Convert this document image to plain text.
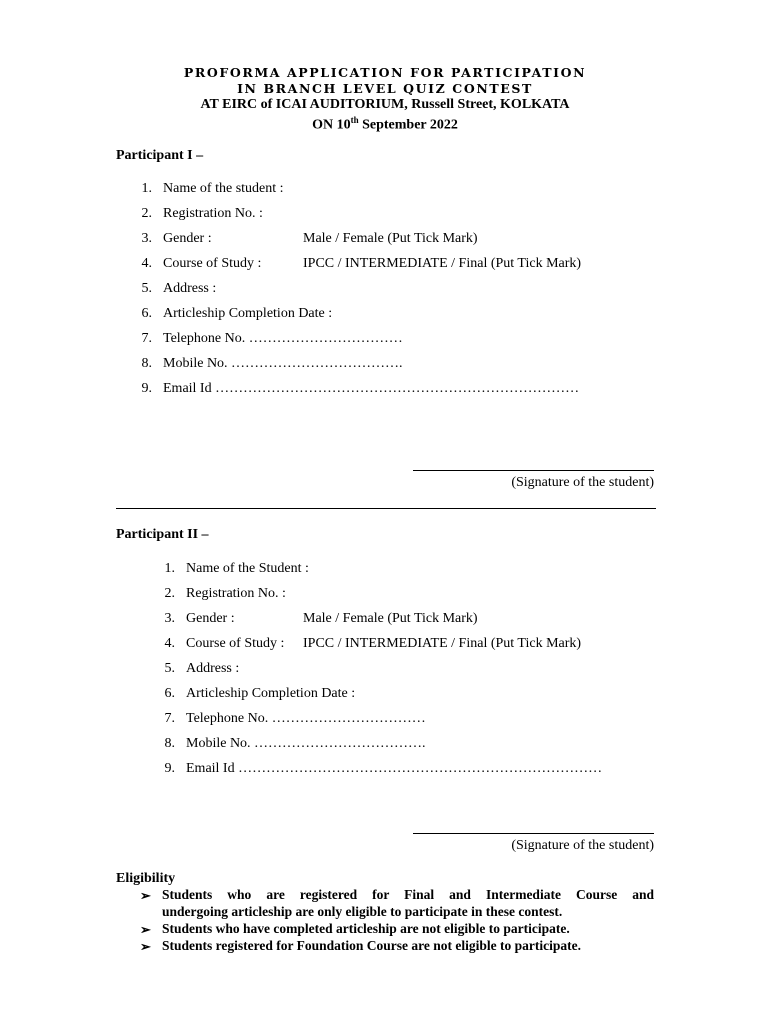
PROFORMA APPLICATION FOR PARTICIPATION
IN BRANCH LEVEL QUIZ CONTEST
AT EIRC of ICAI AUDITORIUM, Russell Street, KOLKATA
ON 10th September 2022
Participant I –
1. Name of the student :
2. Registration No. :
3. Gender :	Male / Female (Put Tick Mark)
4. Course of Study :	IPCC / INTERMEDIATE / Final (Put Tick Mark)
5. Address :
6. Articleship Completion Date :
7. Telephone No. ……………………………
8. Mobile No. ……………………………….
9. Email Id ……………………………………………………………………
(Signature of the student)
Participant II –
1. Name of the Student :
2. Registration No. :
3. Gender :	Male / Female (Put Tick Mark)
4. Course of Study : IPCC / INTERMEDIATE / Final (Put Tick Mark)
5. Address :
6. Articleship Completion Date :
7. Telephone No. ……………………………
8. Mobile No. ……………………………….
9. Email Id ……………………………………………………………………
(Signature of the student)
Eligibility
➢ Students who are registered for Final and Intermediate Course and
undergoing articleship are only eligible to participate in these contest.
➢ Students who have completed articleship are not eligible to participate.
➢ Students registered for Foundation Course are not eligible to participate.
